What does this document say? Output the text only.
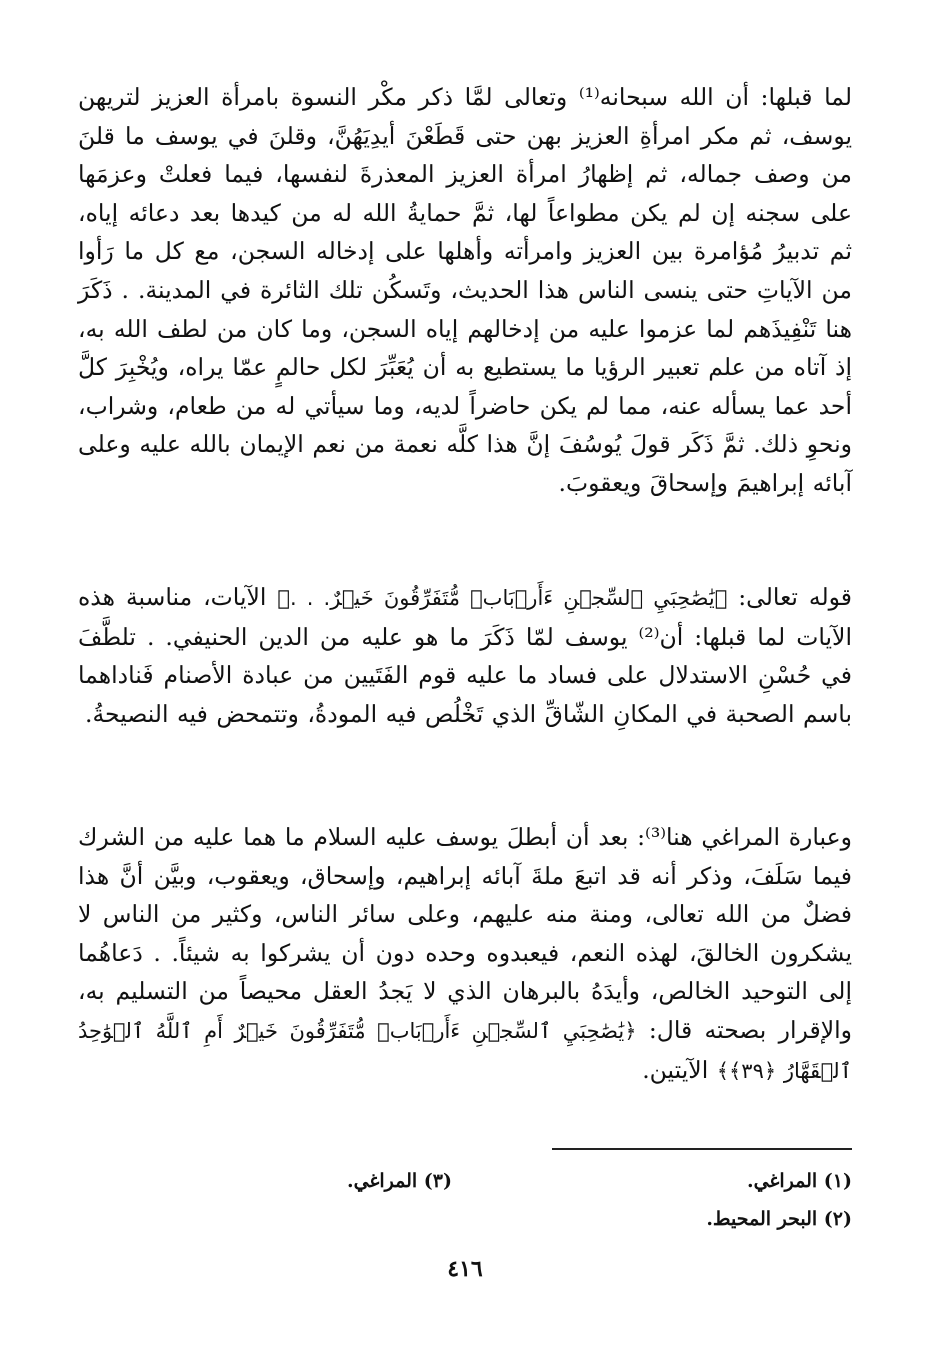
لما قبلها: أن الله سبحانه⁽¹⁾ وتعالى لمَّا ذكر مكْر النسوة بامرأة العزيز لتريهن يوسف، ثم مكر امرأةِ العزيز بهن حتى قَطَعْنَ أيدِيَهُنَّ، وقلنَ في يوسف ما قلنَ من وصف جماله، ثم إظهارُ امرأة العزيز المعذرةَ لنفسها، فيما فعلتْ وعزمَها على سجنه إن لم يكن مطواعاً لها، ثمَّ حمايةُ الله له من كيدها بعد دعائه إياه، ثم تدبيرُ مُؤامرة بين العزيز وامرأته وأهلها على إدخاله السجن، مع كل ما رَأوا من الآياتِ حتى ينسى الناس هذا الحديث، وتَسكُن تلك الثائرة في المدينة. . ذَكَرَ هنا تَنْفِيذَهم لما عزموا عليه من إدخالهم إياه السجن، وما كان من لطف الله به، إذ آتاه من علم تعبير الرؤيا ما يستطيع به أن يُعَبِّرَ لكل حالمٍ عمّا يراه، ويُخْبِرَ كلَّ أحد عما يسأله عنه، مما لم يكن حاضراً لديه، وما سيأتي له من طعام، وشراب، ونحوِ ذلك. ثمَّ ذَكَر قولَ يُوسُفَ إنَّ هذا كلَّه نعمة من نعم الإيمان بالله عليه وعلى آبائه إبراهيمَ وإسحاقَ ويعقوبَ.

قوله تعالى: ﴿يَٰصَٰحِبَيِ ٱلسِّجۡنِ ءَأَرۡبَابٞ مُّتَفَرِّقُونَ خَيۡرٌ. . .﴾ الآيات، مناسبة هذه الآيات لما قبلها: أن⁽²⁾ يوسف لمّا ذَكَرَ ما هو عليه من الدين الحنيفي. . تلطَّفَ في حُسْنِ الاستدلال على فساد ما عليه قوم الفَتَيين من عبادة الأصنام فَناداهما باسم الصحبة في المكانِ الشّاقِّ الذي تَخْلُص فيه المودةُ، وتتمحض فيه النصيحةُ.

وعبارة المراغي هنا⁽³⁾: بعد أن أبطلَ يوسف عليه السلام ما هما عليه من الشرك فيما سَلَفَ، وذكر أنه قد اتبعَ ملةَ آبائه إبراهيم، وإسحاق، ويعقوب، وبيَّن أنَّ هذا فضلٌ من الله تعالى، ومنة منه عليهم، وعلى سائر الناس، وكثير من الناس لا يشكرون الخالقَ، لهذه النعم، فيعبدوه وحده دون أن يشركوا به شيئاً. . دَعاهُما إلى التوحيد الخالص، وأيدَهُ بالبرهان الذي لا يَجدُ العقل محيصاً من التسليم به، والإقرار بصحته قال: ﴿يَٰصَٰحِبَيِ ٱلسِّجۡنِ ءَأَرۡبَابٞ مُّتَفَرِّقُونَ خَيۡرٌ أَمِ ٱللَّهُ ٱلۡوَٰحِدُ ٱلۡقَهَّارُ ﴿٣٩﴾﴾ الآيتين.

(١) المراغي.
(٣) المراغي.
(٢) البحر المحيط.
٤١٦
